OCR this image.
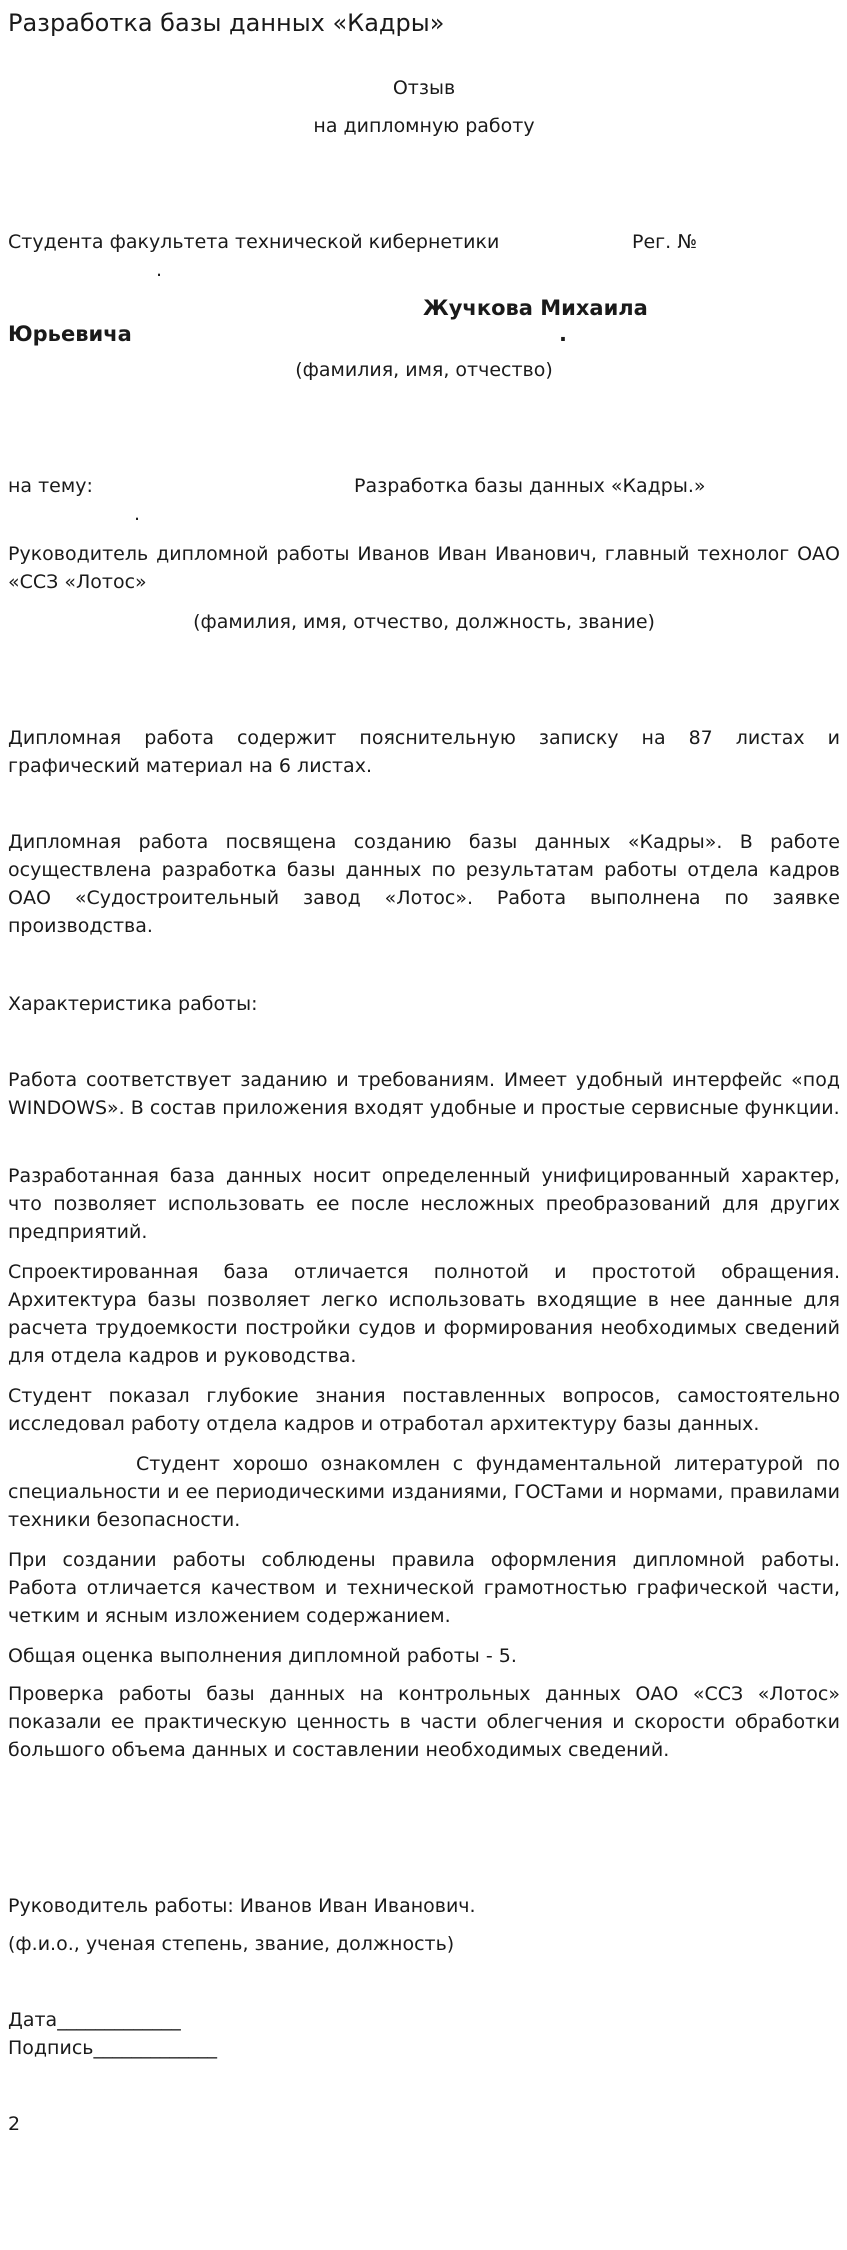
Разработка базы данных «Кадры»
Отзыв
на дипломную работу
Студента факультета технической кибернетики	Рег. №
.
Жучкова Михаила
Юрьевича	.
(фамилия, имя, отчество)
на тему:	Разработка базы данных «Кадры.»
.
Руководитель дипломной работы Иванов Иван Иванович, главный технолог ОАО «ССЗ «Лотос»
(фамилия, имя, отчество, должность, звание)
Дипломная работа содержит пояснительную записку на 87 листах и графический материал на 6 листах.
Дипломная работа посвящена созданию базы данных «Кадры». В работе осуществлена разработка базы данных по результатам работы отдела кадров ОАО «Судостроительный завод «Лотос». Работа выполнена по заявке производства.
Характеристика работы:
Работа соответствует заданию и требованиям. Имеет удобный интерфейс «под WINDOWS». В состав приложения входят удобные и простые сервисные функции.
Разработанная база данных носит определенный унифицированный характер, что позволяет использовать ее после несложных преобразований для других предприятий.
Спроектированная база отличается полнотой и простотой обращения. Архитектура базы позволяет легко использовать входящие в нее данные для расчета трудоемкости постройки судов и формирования необходимых сведений для отдела кадров и руководства.
Студент показал глубокие знания поставленных вопросов, самостоятельно исследовал работу отдела кадров и отработал архитектуру базы данных.
Студент хорошо ознакомлен с фундаментальной литературой по специальности и ее периодическими изданиями, ГОСТами и нормами, правилами техники безопасности.
При создании работы соблюдены правила оформления дипломной работы. Работа отличается качеством и технической грамотностью графической части, четким и ясным изложением содержанием.
Общая оценка выполнения дипломной работы - 5.
Проверка работы базы данных на контрольных данных ОАО «ССЗ «Лотос» показали ее практическую ценность в части облегчения и скорости обработки большого объема данных и составлении необходимых сведений.
Руководитель работы: Иванов Иван Иванович.
(ф.и.о., ученая степень, звание, должность)
Дата_____________
Подпись_____________
2
